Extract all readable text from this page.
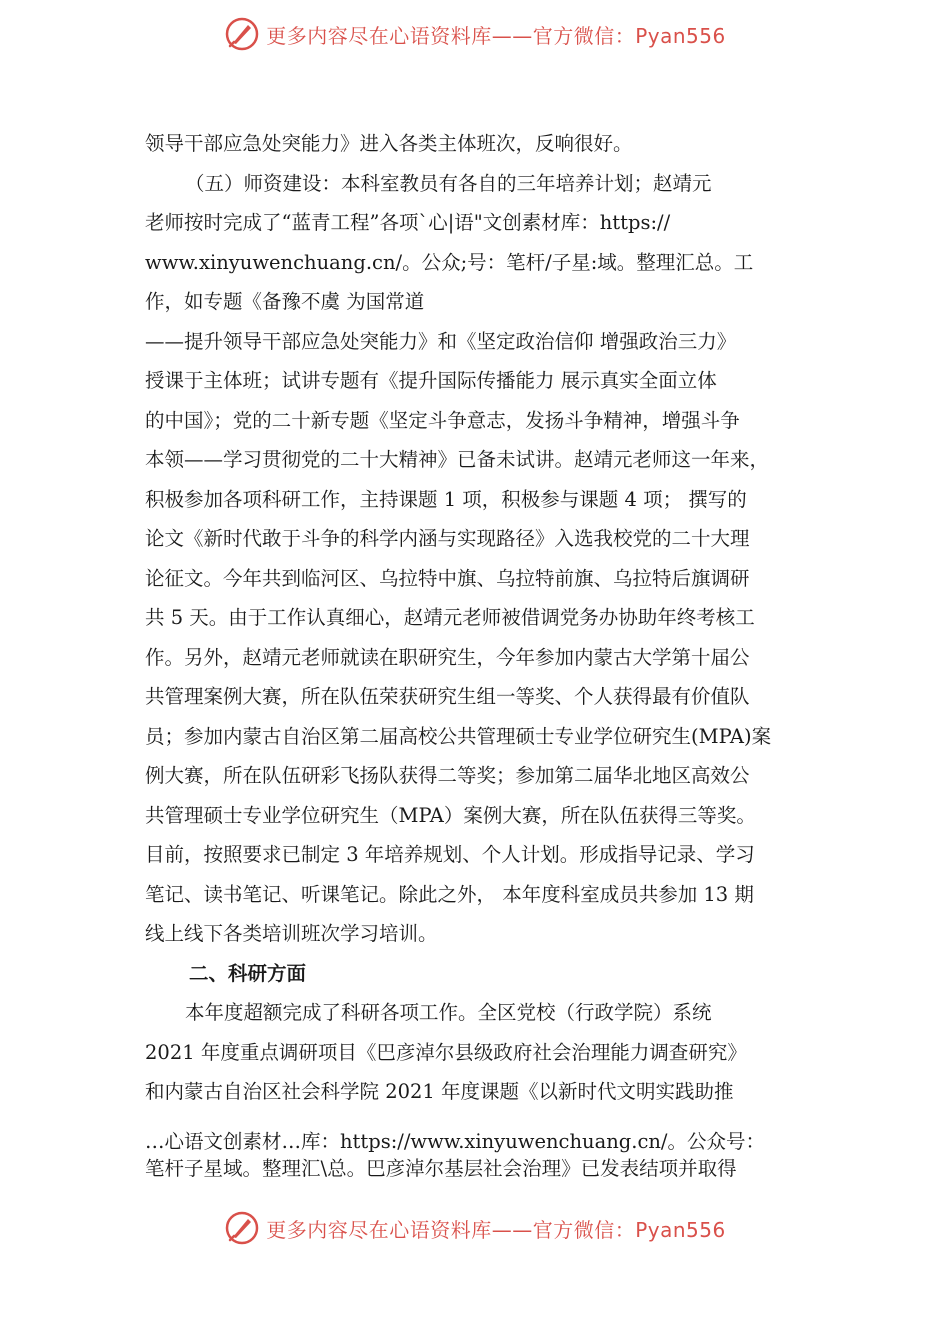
更多内容尽在心语资料库——官方微信：Pyan556
领导干部应急处突能力》进入各类主体班次，反响很好。
（五）师资建设：本科室教员有各自的三年培养计划；赵靖元
老师按时完成了“蓝青工程”各项`心|语"文创素材库：https://
www.xinyuwenchuang.cn/。公众;号：笔杆/子星:域。整理汇总。工
作，如专题《备豫不虞 为国常道
——提升领导干部应急处突能力》和《坚定政治信仰 增强政治三力》
授课于主体班；试讲专题有《提升国际传播能力 展示真实全面立体
的中国》；党的二十新专题《坚定斗争意志，发扬斗争精神，增强斗争
本领——学习贯彻党的二十大精神》已备未试讲。赵靖元老师这一年来，
积极参加各项科研工作，主持课题 1 项，积极参与课题 4 项； 撰写的
论文《新时代敢于斗争的科学内涵与实现路径》入选我校党的二十大理
论征文。今年共到临河区、乌拉特中旗、乌拉特前旗、乌拉特后旗调研
共 5 天。由于工作认真细心，赵靖元老师被借调党务办协助年终考核工
作。另外，赵靖元老师就读在职研究生，今年参加内蒙古大学第十届公
共管理案例大赛，所在队伍荣获研究生组一等奖、个人获得最有价值队
员；参加内蒙古自治区第二届高校公共管理硕士专业学位研究生(MPA)案
例大赛，所在队伍研彩飞扬队获得二等奖；参加第二届华北地区高效公
共管理硕士专业学位研究生（MPA）案例大赛，所在队伍获得三等奖。
目前，按照要求已制定 3 年培养规划、个人计划。形成指导记录、学习
笔记、读书笔记、听课笔记。除此之外， 本年度科室成员共参加 13 期
线上线下各类培训班次学习培训。
二、科研方面
本年度超额完成了科研各项工作。全区党校（行政学院）系统
2021 年度重点调研项目《巴彦淖尔县级政府社会治理能力调查研究》
和内蒙古自治区社会科学院 2021 年度课题《以新时代文明实践助推
…心语文创素材…库：https://www.xinyuwenchuang.cn/。公众号：
笔杆子星域。整理汇\总。巴彦淖尔基层社会治理》已发表结项并取得
更多内容尽在心语资料库——官方微信：Pyan556
